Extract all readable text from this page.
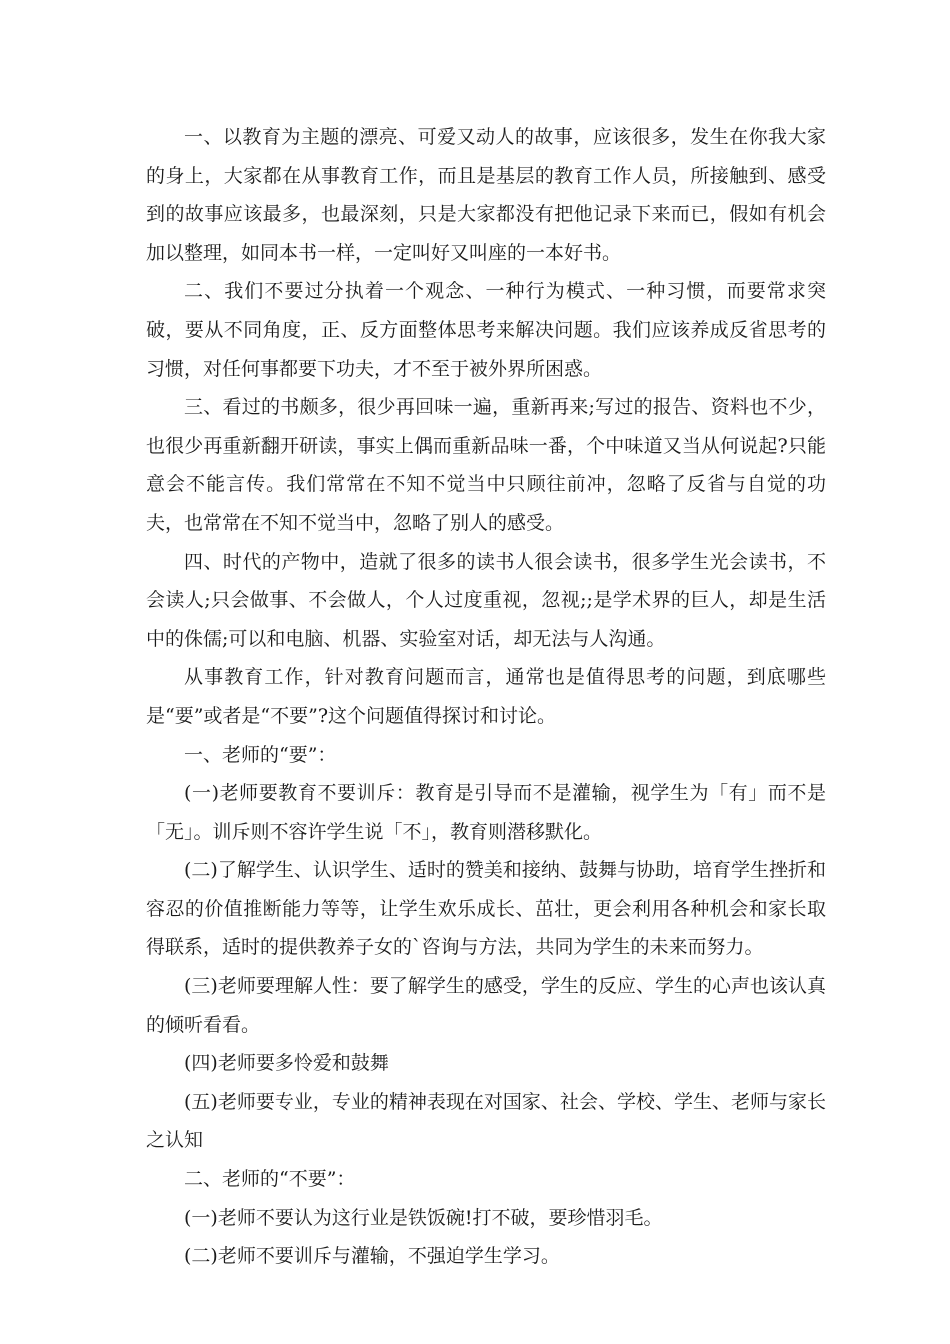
一、以教育为主题的漂亮、可爱又动人的故事，应该很多，发生在你我大家的身上，大家都在从事教育工作，而且是基层的教育工作人员，所接触到、感受到的故事应该最多，也最深刻，只是大家都没有把他记录下来而已，假如有机会加以整理，如同本书一样，一定叫好又叫座的一本好书。

二、我们不要过分执着一个观念、一种行为模式、一种习惯，而要常求突破，要从不同角度，正、反方面整体思考来解决问题。我们应该养成反省思考的习惯，对任何事都要下功夫，才不至于被外界所困惑。

三、看过的书颇多，很少再回味一遍，重新再来;写过的报告、资料也不少，也很少再重新翻开研读，事实上偶而重新品味一番，个中味道又当从何说起?只能意会不能言传。我们常常在不知不觉当中只顾往前冲，忽略了反省与自觉的功夫，也常常在不知不觉当中，忽略了别人的感受。

四、时代的产物中，造就了很多的读书人很会读书，很多学生光会读书，不会读人;只会做事、不会做人，个人过度重视，忽视;;是学术界的巨人，却是生活中的侏儒;可以和电脑、机器、实验室对话，却无法与人沟通。

从事教育工作，针对教育问题而言，通常也是值得思考的问题，到底哪些是“要”或者是“不要”?这个问题值得探讨和讨论。

一、老师的“要”：

(一)老师要教育不要训斥：教育是引导而不是灌输，视学生为「有」而不是「无」。训斥则不容许学生说「不」，教育则潜移默化。

(二)了解学生、认识学生、适时的赞美和接纳、鼓舞与协助，培育学生挫折和容忍的价值推断能力等等，让学生欢乐成长、茁壮，更会利用各种机会和家长取得联系，适时的提供教养子女的`咨询与方法，共同为学生的未来而努力。

(三)老师要理解人性：要了解学生的感受，学生的反应、学生的心声也该认真的倾听看看。

(四)老师要多怜爱和鼓舞

(五)老师要专业，专业的精神表现在对国家、社会、学校、学生、老师与家长之认知

二、老师的“不要”：

(一)老师不要认为这行业是铁饭碗!打不破，要珍惜羽毛。

(二)老师不要训斥与灌输，不强迫学生学习。
